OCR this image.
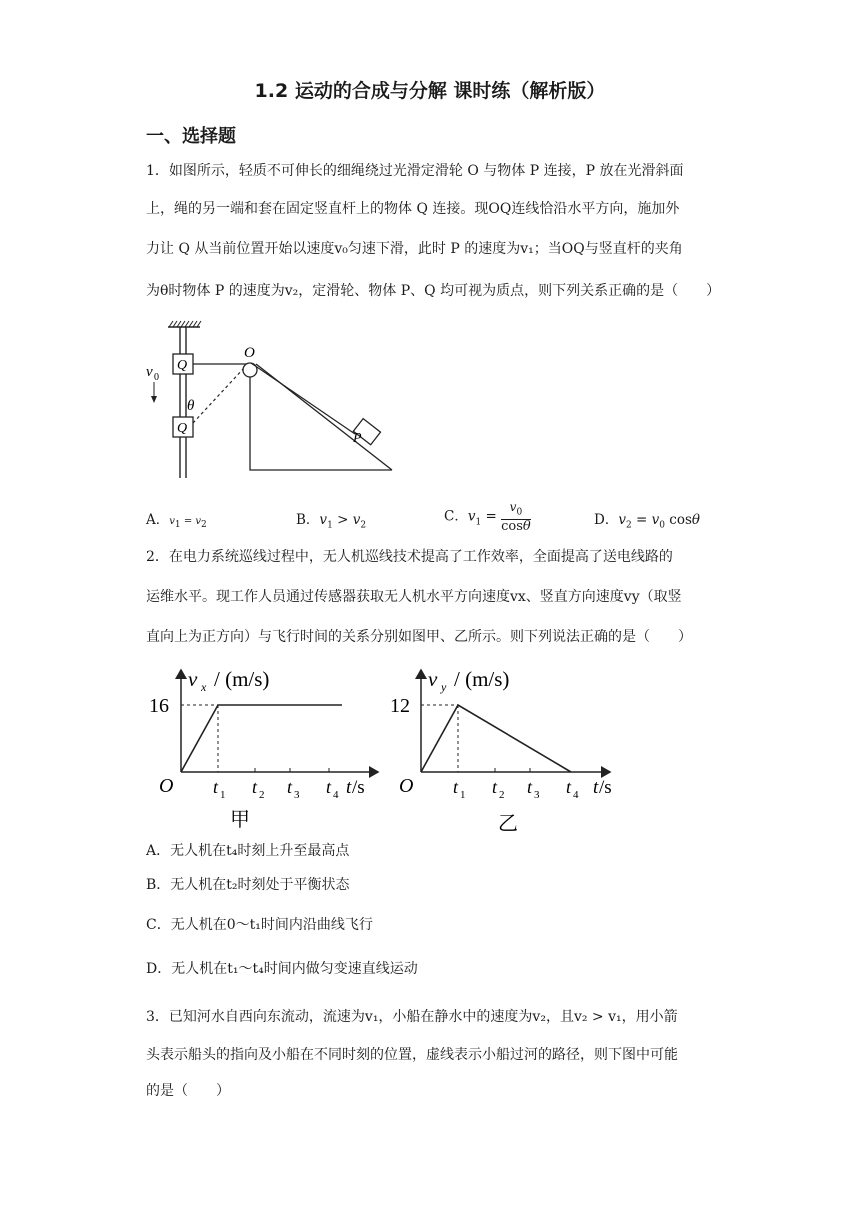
1.2 运动的合成与分解 课时练（解析版）
一、选择题
1．如图所示，轻质不可伸长的细绳绕过光滑定滑轮 O 与物体 P 连接，P 放在光滑斜面
上，绳的另一端和套在固定竖直杆上的物体 Q 连接。现OQ连线恰沿水平方向，施加外
力让 Q 从当前位置开始以速度v₀匀速下滑，此时 P 的速度为v₁；当OQ与竖直杆的夹角
为θ时物体 P 的速度为v₂，定滑轮、物体 P、Q 均可视为质点，则下列关系正确的是（　　）
Q
Q
v 0
θ
O
P
A．$v_1 = v_2$	B．$v_1 > v_2$
C．$v_1 = \frac{v_0}{\cos\theta}$	D．$v_2 = v_0$ cosθ
2．在电力系统巡线过程中，无人机巡线技术提高了工作效率，全面提高了送电线路的
运维水平。现工作人员通过传感器获取无人机水平方向速度vx、竖直方向速度vy（取竖
直向上为正方向）与飞行时间的关系分别如图甲、乙所示。则下列说法正确的是（　　）
v x / (m/s)
16
O t 1 t 2 t 3 t 4 t /s
甲
v y / (m/s)
12
O t 1 t 2 t 3 t 4 t /s
乙
A．无人机在t₄时刻上升至最高点
B．无人机在t₂时刻处于平衡状态
C．无人机在0～t₁时间内沿曲线飞行
D．无人机在t₁～t₄时间内做匀变速直线运动
3．已知河水自西向东流动，流速为v₁，小船在静水中的速度为v₂，且v₂ > v₁，用小箭
头表示船头的指向及小船在不同时刻的位置，虚线表示小船过河的路径，则下图中可能
的是（　　）
